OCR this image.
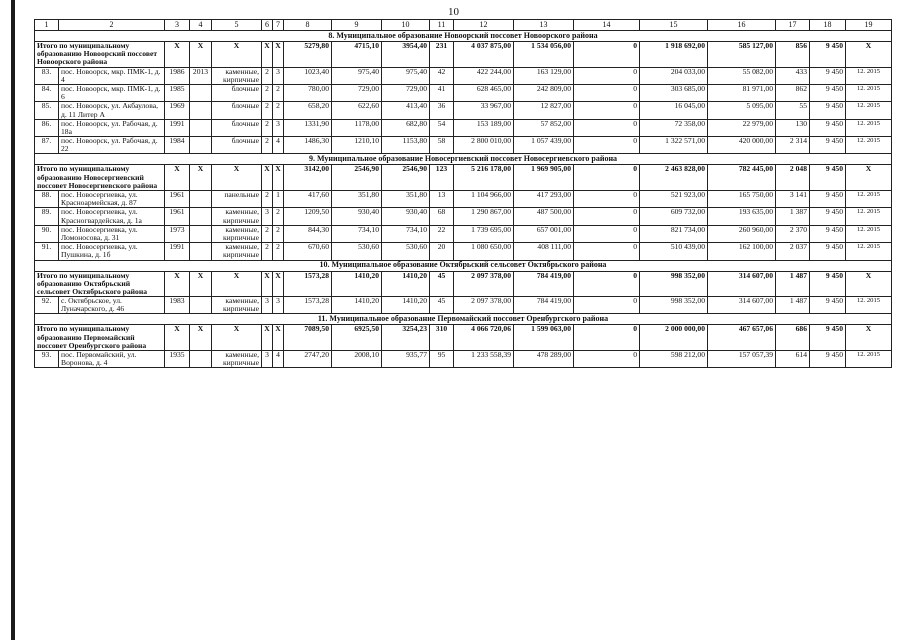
10
1	2	3	4	5	6	7	8	9	10	11	12	13	14	15	16	17	18	19
8. Муниципальное образование Новоорский поссовет Новоорского района																		
Итого по муниципальному образованию Новоорский поссовет Новоорского района		X	X	X	X	X	5279,80	4715,10	3954,40	231	4 037 875,00	1 534 056,00	0	1 918 692,00	585 127,00	856	9 450	X
83.	пос. Новоорск, мкр. ПМК-1, д. 4	1986	2013	каменные, кирпичные	2	3	1023,40	975,40	975,40	42	422 244,00	163 129,00	0	204 033,00	55 082,00	433	9 450	12. 2015
84.	пос. Новоорск, мкр. ПМК-1, д. 6	1985		блочные	2	2	780,00	729,00	729,00	41	628 465,00	242 809,00	0	303 685,00	81 971,00	862	9 450	12. 2015
85.	пос. Новоорск, ул. Акбаулова, д. 11 Литер А	1969		блочные	2	2	658,20	622,60	413,40	36	33 967,00	12 827,00	0	16 045,00	5 095,00	55	9 450	12. 2015
86.	пос. Новоорск, ул. Рабочая, д. 18а	1991		блочные	2	3	1331,90	1178,00	682,80	54	153 189,00	57 852,00	0	72 358,00	22 979,00	130	9 450	12. 2015
87.	пос. Новоорск, ул. Рабочая, д. 22	1984		блочные	2	4	1486,30	1210,10	1153,80	58	2 800 010,00	1 057 439,00	0	1 322 571,00	420 000,00	2 314	9 450	12. 2015
9. Муниципальное образование Новосергиевский поссовет Новосергиевского района																		
Итого по муниципальному образованию Новосергиевский поссовет Новосергиевского района		X	X	X	X	X	3142,00	2546,90	2546,90	123	5 216 178,00	1 969 905,00	0	2 463 828,00	782 445,00	2 048	9 450	X
88.	пос. Новосергиевка, ул. Красноармейская, д. 87	1961		панельные	2	1	417,60	351,80	351,80	13	1 104 966,00	417 293,00	0	521 923,00	165 750,00	3 141	9 450	12. 2015
89.	пос. Новосергиевка, ул. Красногвардейская, д. 1а	1961		каменные, кирпичные	3	2	1209,50	930,40	930,40	68	1 290 867,00	487 500,00	0	609 732,00	193 635,00	1 387	9 450	12. 2015
90.	пос. Новосергиевка, ул. Ломоносова, д. 31	1973		каменные, кирпичные	2	2	844,30	734,10	734,10	22	1 739 695,00	657 001,00	0	821 734,00	260 960,00	2 370	9 450	12. 2015
91.	пос. Новосергиевка, ул. Пушкина, д. 1б	1991		каменные, кирпичные	2	2	670,60	530,60	530,60	20	1 080 650,00	408 111,00	0	510 439,00	162 100,00	2 037	9 450	12. 2015
10. Муниципальное образование Октябрьский сельсовет Октябрьского района																		
Итого по муниципальному образованию Октябрьский сельсовет Октябрьского района		X	X	X	X	X	1573,28	1410,20	1410,20	45	2 097 378,00	784 419,00	0	998 352,00	314 607,00	1 487	9 450	X
92.	с. Октябрьское, ул. Луначарского, д. 46	1983		каменные, кирпичные	3	3	1573,28	1410,20	1410,20	45	2 097 378,00	784 419,00	0	998 352,00	314 607,00	1 487	9 450	12. 2015
11. Муниципальное образование Первомайский поссовет Оренбургского района																		
Итого по муниципальному образованию Первомайский поссовет Оренбургского района		X	X	X	X	X	7089,50	6925,50	3254,23	310	4 066 720,06	1 599 063,00	0	2 000 000,00	467 657,06	686	9 450	X
93.	пос. Первомайский, ул. Воронова, д. 4	1935		каменные, кирпичные	3	4	2747,20	2008,10	935,77	95	1 233 558,39	478 289,00	0	598 212,00	157 057,39	614	9 450	12. 2015
